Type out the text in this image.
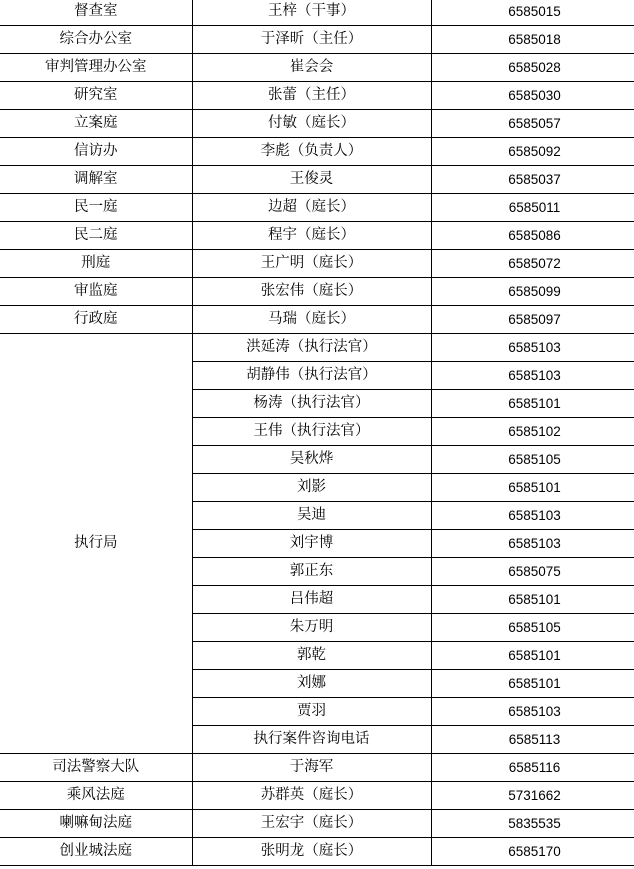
督查室	王梓（干事）	6585015
综合办公室	于泽昕（主任）	6585018
审判管理办公室	崔会会	6585028
研究室	张蕾（主任）	6585030
立案庭	付敏（庭长）	6585057
信访办	李彪（负责人）	6585092
调解室	王俊灵	6585037
民一庭	边超（庭长）	6585011
民二庭	程宇（庭长）	6585086
刑庭	王广明（庭长）	6585072
审监庭	张宏伟（庭长）	6585099
行政庭	马瑞（庭长）	6585097
执行局	洪延涛（执行法官）	6585103
	胡静伟（执行法官）	6585103
	杨涛（执行法官）	6585101
	王伟（执行法官）	6585102
	吴秋烨	6585105
	刘影	6585101
	吴迪	6585103
	刘宇博	6585103
	郭正东	6585075
	吕伟超	6585101
	朱万明	6585105
	郭乾	6585101
	刘娜	6585101
	贾羽	6585103
	执行案件咨询电话	6585113
司法警察大队	于海军	6585116
乘风法庭	苏群英（庭长）	5731662
喇嘛甸法庭	王宏宇（庭长）	5835535
创业城法庭	张明龙（庭长）	6585170
